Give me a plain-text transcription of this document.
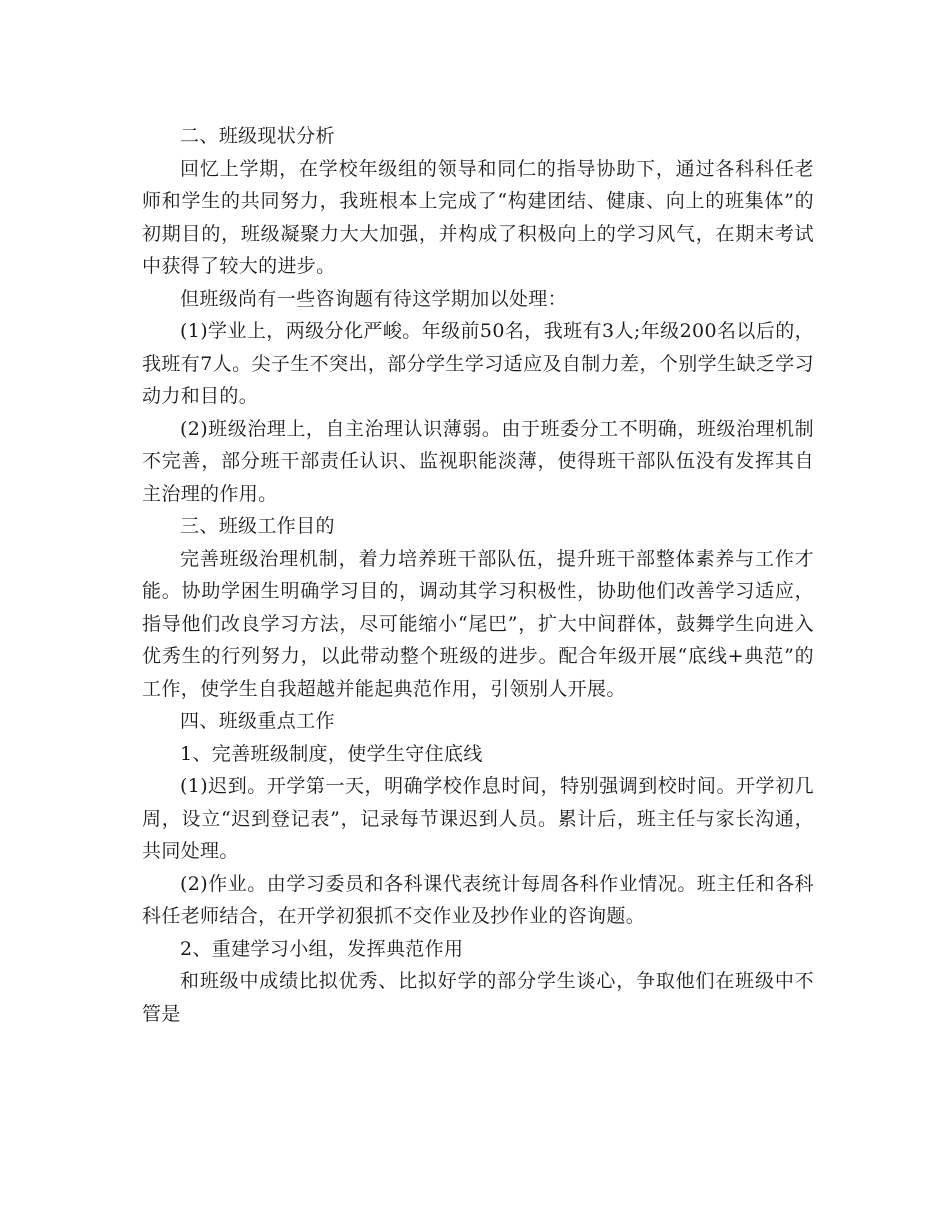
二、班级现状分析

回忆上学期，在学校年级组的领导和同仁的指导协助下，通过各科科任老师和学生的共同努力，我班根本上完成了“构建团结、健康、向上的班集体”的初期目的，班级凝聚力大大加强，并构成了积极向上的学习风气，在期末考试中获得了较大的进步。

但班级尚有一些咨询题有待这学期加以处理：

(1)学业上，两级分化严峻。年级前50名，我班有3人;年级200名以后的，我班有7人。尖子生不突出，部分学生学习适应及自制力差，个别学生缺乏学习动力和目的。

(2)班级治理上，自主治理认识薄弱。由于班委分工不明确，班级治理机制不完善，部分班干部责任认识、监视职能淡薄，使得班干部队伍没有发挥其自主治理的作用。

三、班级工作目的

完善班级治理机制，着力培养班干部队伍，提升班干部整体素养与工作才能。协助学困生明确学习目的，调动其学习积极性，协助他们改善学习适应，指导他们改良学习方法，尽可能缩小“尾巴”，扩大中间群体，鼓舞学生向进入优秀生的行列努力，以此带动整个班级的进步。配合年级开展“底线+典范”的工作，使学生自我超越并能起典范作用，引领别人开展。

四、班级重点工作

1、完善班级制度，使学生守住底线

(1)迟到。开学第一天，明确学校作息时间，特别强调到校时间。开学初几周，设立“迟到登记表”，记录每节课迟到人员。累计后，班主任与家长沟通，共同处理。

(2)作业。由学习委员和各科课代表统计每周各科作业情况。班主任和各科科任老师结合，在开学初狠抓不交作业及抄作业的咨询题。

2、重建学习小组，发挥典范作用

和班级中成绩比拟优秀、比拟好学的部分学生谈心，争取他们在班级中不管是
